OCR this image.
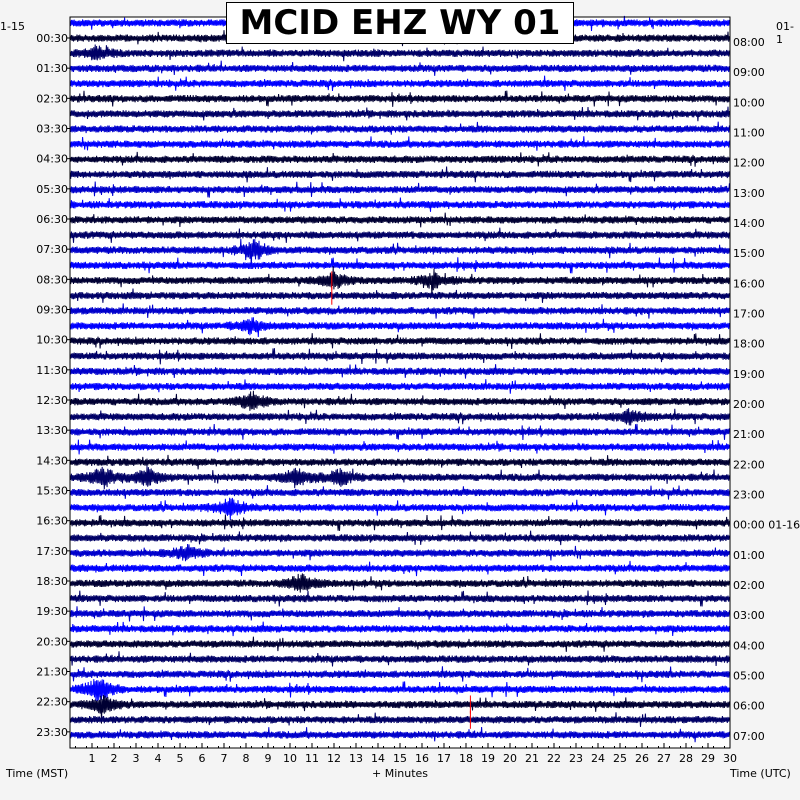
1 2 3 4 5 6 7 8 9 10 11 12 13 14 15 16 17 18 19 20 21 22 23 24 25 26 27 28 29 30
00:30
01:30
02:30
03:30
04:30
05:30
06:30
07:30
08:30
09:30
10:30
11:30
12:30
13:30
14:30
15:30
16:30
17:30
18:30
19:30
20:30
21:30
22:30
23:30
08:00
09:00
10:00
11:00
12:00
13:00
14:00
15:00
16:00
17:00
18:00
19:00
20:00
21:00
22:00
23:00
00:00 01-16
01:00
02:00
03:00
04:00
05:00
06:00
07:00
MCID EHZ WY 01
1-15	01-1
Time (MST)	+ Minutes	Time (UTC)
